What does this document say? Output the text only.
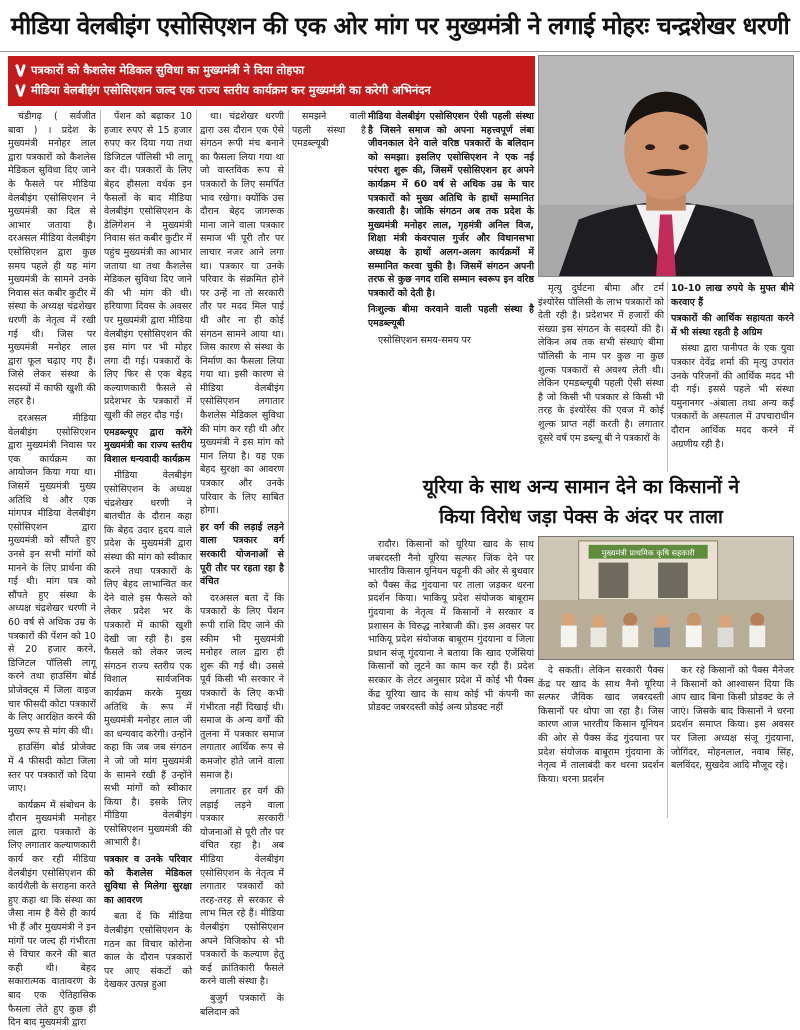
मीडिया वेलबीइंग एसोसिएशन की एक ओर मांग पर मुख्यमंत्री ने लगाई मोहरः चन्द्रशेखर धरणी
पत्रकारों को कैशलेस मेडिकल सुविधा का मुख्यमंत्री ने दिया तोहफा
मीडिया वेलबीइंग एसोसिएशन जल्द एक राज्य स्तरीय कार्यक्रम कर मुख्यमंत्री का करेगी अभिनंदन

चंडीगढ़ ( सर्वजीत बावा ) । प्रदेश के मुख्यमंत्री मनोहर लाल द्वारा पत्रकारों को कैशलेस मेडिकल सुविधा दिए जाने के फैसले पर मीडिया वेलबीइंग एसोसिएशन ने मुख्यमंत्री का दिल से आभार जताया है। दरअसल मीडिया वेलबीइंग एसोसिएशन द्वारा कुछ समय पहले ही यह मांग मुख्यमंत्री के सामने उनके निवास संत कबीर कुटीर में संस्था के अध्यक्ष चंद्रशेखर धरणी के नेतृत्व में रखी गई थी। जिस पर मुख्यमंत्री मनोहर लाल द्वारा फूल चढ़ाए गए हैं। जिसे लेकर संस्था के सदस्यों में काफी खुशी की लहर है।

दरअसल मीडिया वेलबीइंग एसोसिएशन द्वारा मुख्यमंत्री निवास पर एक कार्यक्रम का आयोजन किया गया था। जिसमें मुख्यमंत्री मुख्य अतिथि थे और एक मांगपत्र मीडिया वेलबीइंग एसोसिएशन द्वारा मुख्यमंत्री को सौंपते हुए उनसे इन सभी मांगों को मानने के लिए प्रार्थना की गई थी। मांग पत्र को सौंपते हुए संस्था के अध्यक्ष चंद्रशेखर धरणी ने 60 वर्ष से अधिक उम्र के पत्रकारों की पेंशन को 10 से 20 हजार करने, डिजिटल पॉलिसी लागू करने तथा हाउसिंग बोर्ड प्रोजेक्ट्स में जिला वाइज चार फीसदी कोटा पत्रकारों के लिए आरक्षित करने की मुख्य रूप से मांग की थी।

हाउसिंग बोर्ड प्रोजेक्ट में 4 फीसदी कोटा जिला स्तर पर पत्रकारों को दिया जाए।

कार्यक्रम में संबोधन के दौरान मुख्यमंत्री मनोहर लाल द्वारा पत्रकारों के लिए लगातार कल्याणकारी कार्य कर रही मीडिया वेलबीइंग एसोसिएशन की कार्यशैली के सराहना करते हुए कहा था कि संस्था का जैसा नाम है वैसे ही कार्य भी हैं और मुख्यमंत्री ने इन मांगों पर जल्द ही गंभीरता से विचार करने की बात कही थी। बेहद सकारात्मक वातावरण के बाद एक ऐतिहासिक फैसला लेते हुए कुछ ही दिन बाद मुख्यमंत्री द्वारा

पेंशन को बढ़ाकर 10 हजार रुपए से 15 हजार रुपए कर दिया गया तथा डिजिटल पॉलिसी भी लागू कर दी। पत्रकारों के लिए बेहद हौसला वर्धक इन फैसलों के बाद मीडिया वेलबीइंग एसोसिएशन के डेलिगेशन ने मुख्यमंत्री निवास संत कबीर कुटीर में पहुंच मुख्यमंत्री का आभार जताया था तथा कैशलेस मेडिकल सुविधा दिए जाने की भी मांग की थी। हरियाणा दिवस के अवसर पर मुख्यमंत्री द्वारा मीडिया वेलबीइंग एसोसिएशन की इस मांग पर भी मोहर लगा दी गई। पत्रकारों के लिए फिर से एक बेहद कल्याणकारी फैसले से प्रदेशभर के पत्रकारों में खुशी की लहर दौड़ गई।

एमडब्ल्यूए द्वारा करेंगे मुख्यमंत्री का राज्य स्तरीय विशाल धन्यवादी कार्यक्रम

मीडिया वेलबीइंग एसोसिएशन के अध्यक्ष चंद्रशेखर धरणी ने बातचीत के दौरान कहा कि बेहद उदार हृदय वाले प्रदेश के मुख्यमंत्री द्वारा संस्था की मांग को स्वीकार करने तथा पत्रकारों के लिए बेहद लाभान्वित कर देने वाले इस फैसले को लेकर प्रदेश भर के पत्रकारों में काफी खुशी देखी जा रही है। इस फैसले को लेकर जल्द संगठन राज्य स्तरीय एक विशाल सार्वजनिक कार्यक्रम करके मुख्य अतिथि के रूप में मुख्यमंत्री मनोहर लाल जी का धन्यवाद करेगी। उन्होंने कहा कि जब जब संगठन ने जो जो मांग मुख्यमंत्री के सामने रखी हैं उन्होंने सभी मांगों को स्वीकार किया है। इसके लिए मीडिया वेलबीइंग एसोसिएशन मुख्यमंत्री की आभारी है।

पत्रकार व उनके परिवार को कैशलेस मेडिकल सुविधा से मिलेगा सुरक्षा का आवरण

बता दें कि मीडिया वेलबीइंग एसोसिएशन के गठन का विचार कोरोना काल के दौरान पत्रकारों पर आए संकटों को देखकर उत्पन्न हुआ

था। चंद्रशेखर धरणी द्वारा उस दौरान एक ऐसे संगठन रूपी मंच बनाने का फैसला लिया गया था जो वास्तविक रूप से पत्रकारों के लिए समर्पित भाव रखेगा। क्योंकि उस दौरान बेहद जागरूक माना जाने वाला पत्रकार समाज भी पूरी तौर पर लाचार नजर आने लगा था। पत्रकार या उनके परिवार के संक्रमित होने पर उन्हें ना तो सरकारी तौर पर मदद मिल पाई थी और ना ही कोई संगठन सामने आया था। जिस कारण से संस्था के निर्माण का फैसला लिया गया था। इसी कारण से मीडिया वेलबीइंग एसोसिएशन लगातार कैशलेस मेडिकल सुविधा की मांग कर रही थी और मुख्यमंत्री ने इस मांग को मान लिया है। यह एक बेहद सुरक्षा का आवरण पत्रकार और उनके परिवार के लिए साबित होगा।

हर वर्ग की लड़ाई लड़ने वाला पत्रकार वर्ग सरकारी योजनाओं से पूरी तौर पर रहता रहा है वंचित

दरअसल बता दें कि पत्रकारों के लिए पेंशन रूपी राशि दिए जाने की स्कीम भी मुख्यमंत्री मनोहर लाल द्वारा ही शुरू की गई थी। उससे पूर्व किसी भी सरकार ने पत्रकारों के लिए कभी गंभीरता नहीं दिखाई थी। समाज के अन्य वर्गों की तुलना में पत्रकार समाज लगातार आर्थिक रूप से कमजोर होते जाने वाला समाज है।

लगातार हर वर्ग की लड़ाई लड़ने वाला पत्रकार सरकारी योजनाओं से पूरी तौर पर वंचित रहा है। अब मीडिया वेलबीइंग एसोसिएशन के नेतृत्व में लगातार पत्रकारों को तरह-तरह से सरकार से लाभ मिल रहे हैं। मीडिया वेलबीइंग एसोसिएशन अपने विजिकोप से भी पत्रकारों के कल्याण हेतु कई क्रांतिकारी फैसले करने वाली संस्था है।

बुजुर्ग पत्रकारों के बलिदान को

समझने वाली पहली संस्था है एमडब्ल्यूबी

मीडिया वेलबीइंग एसोसिएशन ऐसी पहली संस्था है जिसने समाज को अपना महत्त्वपूर्ण लंबा जीवनकाल देने वाले वरिष्ठ पत्रकारों के बलिदान को समझा। इसलिए एसोसिएशन ने एक नई परंपरा शुरू की, जिसमें एसोसिएशन हर अपने कार्यक्रम में 60 वर्ष से अधिक उम्र के चार पत्रकारों को मुख्य अतिथि के हाथों सम्मानित करवाती है। जोकि संगठन अब तक प्रदेश के मुख्यमंत्री मनोहर लाल, गृहमंत्री अनिल विज, शिक्षा मंत्री कंवरपाल गुर्जर और विधानसभा अध्यक्ष के हाथों अलग-अलग कार्यक्रमों में सम्मानित करवा चुकी है। जिसमें संगठन अपनी तरफ से कुछ नगद राशि सम्मान स्वरूप इन वरिष्ठ पत्रकारों को देती है।

निःशुल्क बीमा करवाने वाली पहली संस्था है एमडब्ल्यूबी

एसोसिएशन समय-समय पर

मृत्यु दुर्घटना बीमा और टर्म इंश्योरेंस पॉलिसी के लाभ पत्रकारों को देती रही है। प्रदेशभर में हजारों की संख्या इस संगठन के सदस्यों की है। लेकिन अब तक सभी संस्थाएं बीमा पॉलिसी के नाम पर कुछ ना कुछ शुल्क पत्रकारों से अवश्य लेती थी। लेकिन एमडब्ल्यूबी पहली ऐसी संस्था है जो किसी भी पत्रकार से किसी भी तरह के इंश्योरेंस की एवज में कोई शुल्क प्राप्त नहीं करती है। लगातार दूसरे वर्ष एम डब्ल्यू बी ने पत्रकारों के

10-10 लाख रुपये के मुफ्त बीमे करवाए हैं

पत्रकारों की आर्थिक सहायता करने में भी संस्था रहती है अग्रिम

संस्था द्वारा पानीपत के एक युवा पत्रकार देवेंद्र शर्मा की मृत्यु उपरांत उनके परिजनों की आर्थिक मदद भी दी गई। इससे पहले भी संस्था यमुनानगर -अंबाला तथा अन्य कई पत्रकारों के अस्पताल में उपचाराधीन दौरान आर्थिक मदद करने में अग्रणीय रही है।

यूरिया के साथ अन्य सामान देने का किसानों ने
किया विरोध जड़ा पेक्स के अंदर पर ताला

रादौर। किसानों को यूरिया खाद के साथ जबरदस्ती नैनो यूरिया सल्फर जिंक देने पर भारतीय किसान यूनियन चढ़ूनी की ओर से बुधवार को पैक्स केंद्र गुंदयाना पर ताला जड़कर धरना प्रदर्शन किया। भाकियू प्रदेश संयोजक बाबूराम गुंदयाना के नेतृत्व में किसानों ने सरकार व प्रशासन के विरुद्ध नारेबाजी की। इस अवसर पर भाकियू प्रदेश संयोजक बाबूराम गुंदयाना व जिला प्रधान संजू गुंदयाना ने बताया कि खाद एजेंसियां किसानों को लूटने का काम कर रही हैं। प्रदेश सरकार के लेटर अनुसार प्रदेश में कोई भी पैक्स केंद्र यूरिया खाद के साथ कोई भी कंपनी का प्रोडक्ट जबरदस्ती कोई अन्य प्रोडक्ट नहीं

मुख्यमंत्री प्राथमिक कृषि सहकारी

दे सकती। लेकिन सरकारी पैक्स केंद्र पर खाद के साथ नैनो यूरिया सल्फर जैविक खाद जबरदस्ती किसानों पर थोपा जा रहा है। जिस कारण आज भारतीय किसान यूनियन की ओर से पैक्स केंद्र गुंदयाना पर प्रदेश संयोजक बाबूराम गुंदयाना के नेतृत्व में तालाबंदी कर धरना प्रदर्शन किया। धरना प्रदर्शन

कर रहे किसानों को पैक्स मैनेजर ने किसानों को आश्वासन दिया कि आप खाद बिना किसी प्रोडक्ट के ले जाएं। जिसके बाद किसानों ने धरना प्रदर्शन समाप्त किया। इस अवसर पर जिला अध्यक्ष संजू गुंदयाना, जोगिंदर, मोहनलाल, नवाब सिंह, बलविंदर, सुखदेव आदि मौजूद रहे।
